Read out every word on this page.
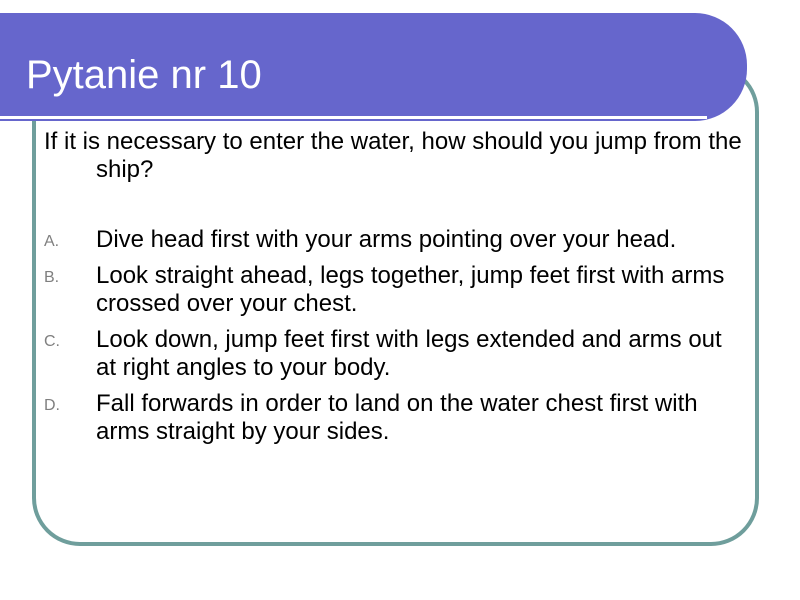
Pytanie nr 10

If it is necessary to enter the water, how should you jump from the ship?

A. Dive head first with your arms pointing over your head.
B. Look straight ahead, legs together, jump feet first with arms crossed over your chest.
C. Look down, jump feet first with legs extended and arms out at right angles to your body.
D. Fall forwards in order to land on the water chest first with arms straight by your sides.
